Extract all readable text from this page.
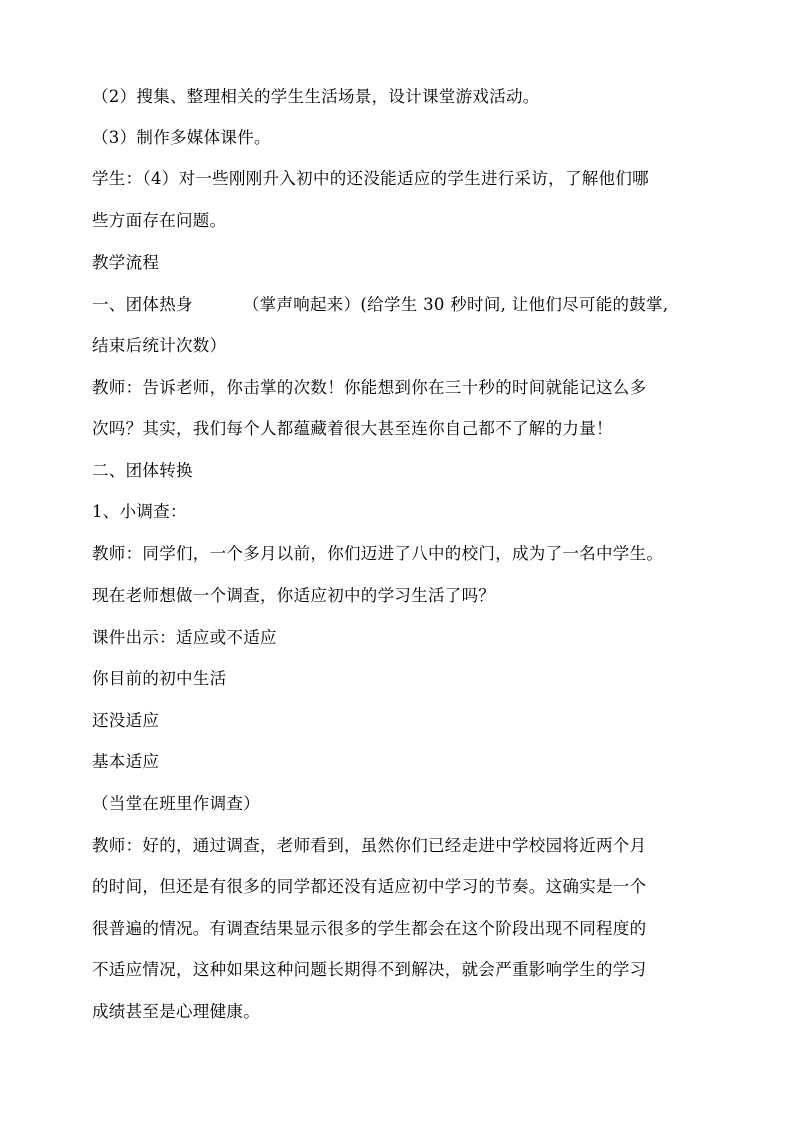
（2）搜集、整理相关的学生生活场景，设计课堂游戏活动。
（3）制作多媒体课件。
学生：（4）对一些刚刚升入初中的还没能适应的学生进行采访，了解他们哪
些方面存在问题。
教学流程
一、团体热身	（掌声响起来）(给学生 30 秒时间, 让他们尽可能的鼓掌,
结束后统计次数）
教师：告诉老师，你击掌的次数！你能想到你在三十秒的时间就能记这么多
次吗？其实，我们每个人都蕴藏着很大甚至连你自己都不了解的力量！
二、团体转换
1、小调查：
教师：同学们，一个多月以前，你们迈进了八中的校门，成为了一名中学生。
现在老师想做一个调查，你适应初中的学习生活了吗？
课件出示：适应或不适应
你目前的初中生活
还没适应
基本适应
（当堂在班里作调查）
教师：好的，通过调查，老师看到，虽然你们已经走进中学校园将近两个月
的时间，但还是有很多的同学都还没有适应初中学习的节奏。这确实是一个
很普遍的情况。有调查结果显示很多的学生都会在这个阶段出现不同程度的
不适应情况，这种如果这种问题长期得不到解决，就会严重影响学生的学习
成绩甚至是心理健康。
